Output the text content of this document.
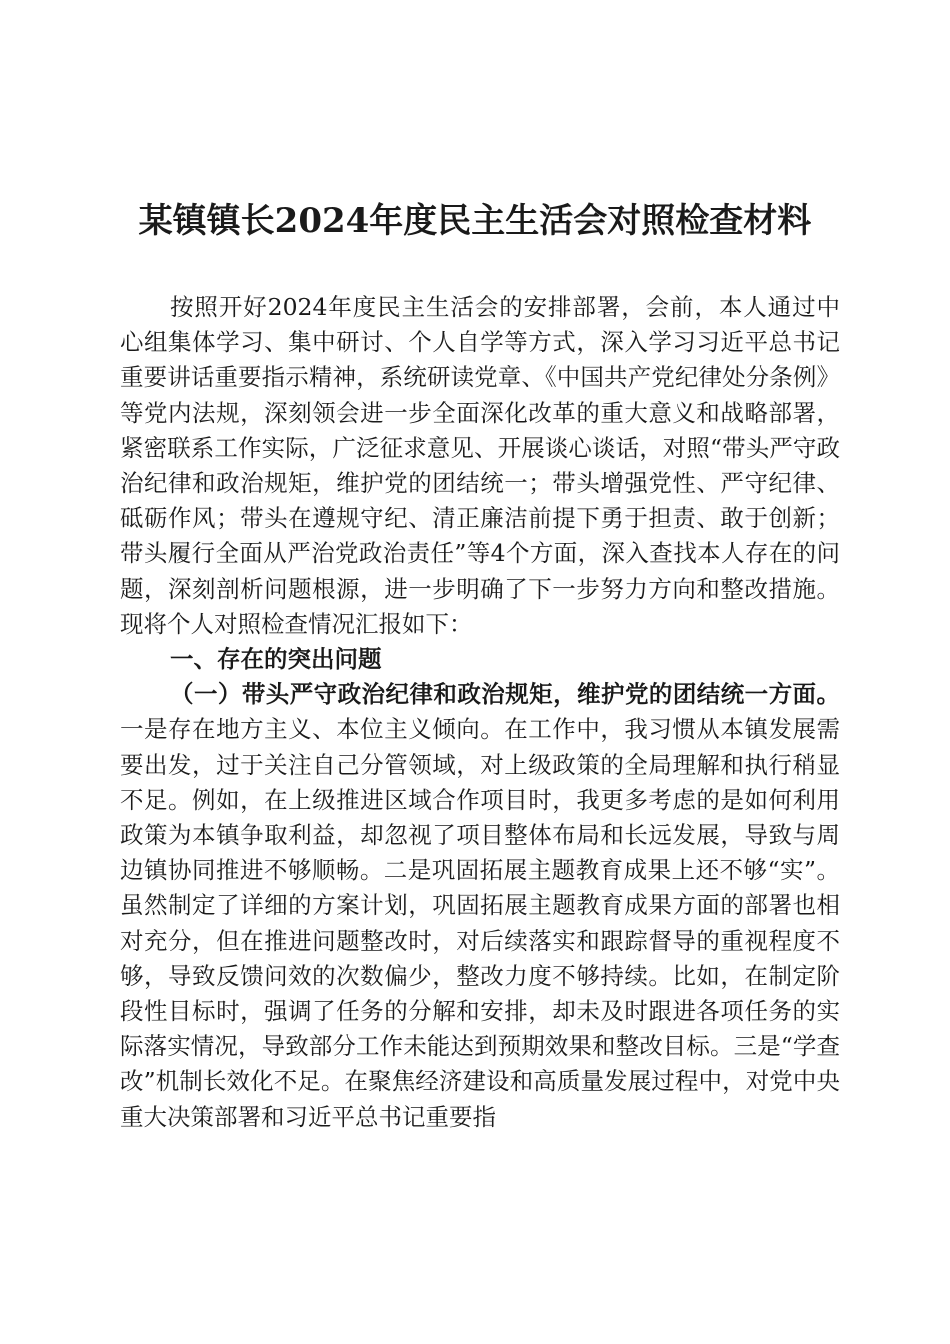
某镇镇长2024年度民主生活会对照检查材料

按照开好2024年度民主生活会的安排部署，会前，本人通过中心组集体学习、集中研讨、个人自学等方式，深入学习习近平总书记重要讲话重要指示精神，系统研读党章、《中国共产党纪律处分条例》等党内法规，深刻领会进一步全面深化改革的重大意义和战略部署，紧密联系工作实际，广泛征求意见、开展谈心谈话，对照“带头严守政治纪律和政治规矩，维护党的团结统一；带头增强党性、严守纪律、砥砺作风；带头在遵规守纪、清正廉洁前提下勇于担责、敢于创新；带头履行全面从严治党政治责任”等4个方面，深入查找本人存在的问题，深刻剖析问题根源，进一步明确了下一步努力方向和整改措施。现将个人对照检查情况汇报如下：

一、存在的突出问题

（一）带头严守政治纪律和政治规矩，维护党的团结统一方面。一是存在地方主义、本位主义倾向。在工作中，我习惯从本镇发展需要出发，过于关注自己分管领域，对上级政策的全局理解和执行稍显不足。例如，在上级推进区域合作项目时，我更多考虑的是如何利用政策为本镇争取利益，却忽视了项目整体布局和长远发展，导致与周边镇协同推进不够顺畅。二是巩固拓展主题教育成果上还不够“实”。虽然制定了详细的方案计划，巩固拓展主题教育成果方面的部署也相对充分，但在推进问题整改时，对后续落实和跟踪督导的重视程度不够，导致反馈问效的次数偏少，整改力度不够持续。比如，在制定阶段性目标时，强调了任务的分解和安排，却未及时跟进各项任务的实际落实情况，导致部分工作未能达到预期效果和整改目标。三是“学查改”机制长效化不足。在聚焦经济建设和高质量发展过程中，对党中央重大决策部署和习近平总书记重要指
